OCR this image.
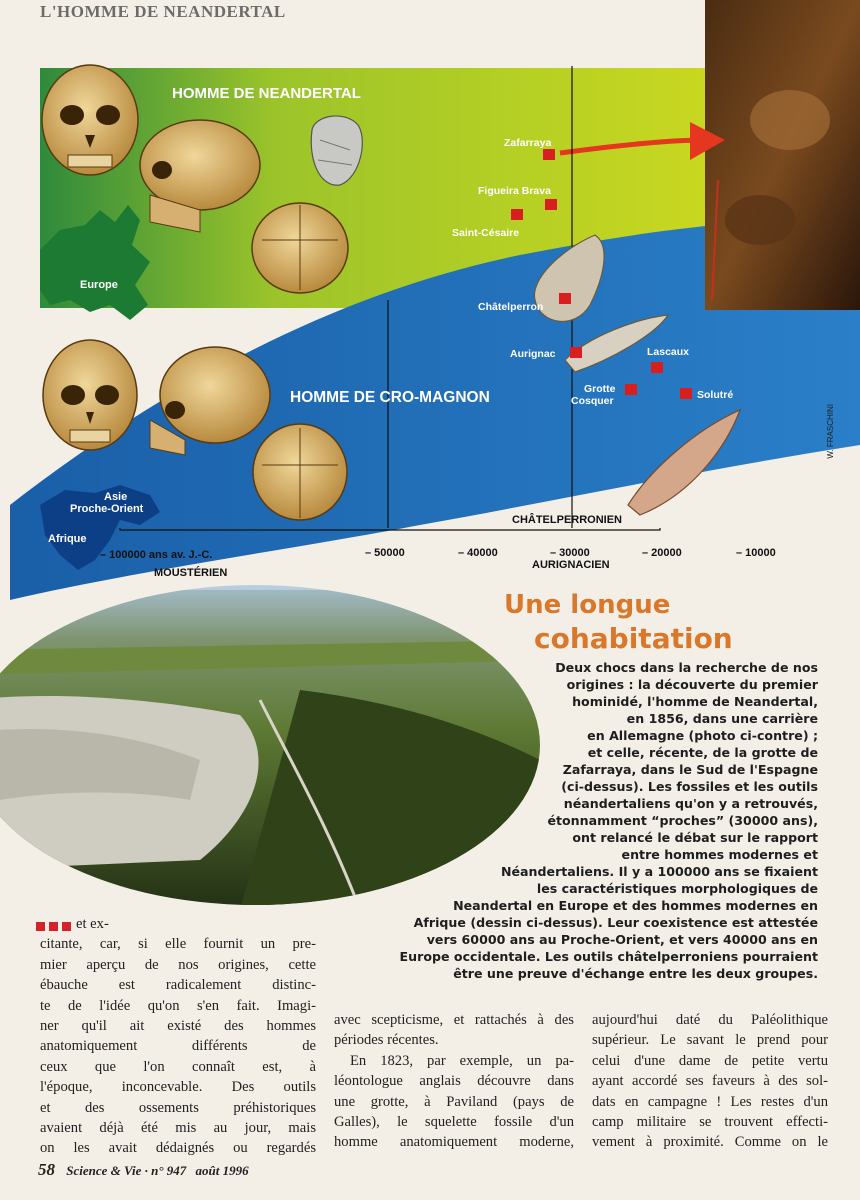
L'HOMME DE NEANDERTAL
HOMME DE NEANDERTAL
HOMME DE CRO-MAGNON
Europe
Asie
Proche-Orient
Afrique
Zafarraya
Figueira Brava
Saint-Césaire
Châtelperron
Aurignac	Lascaux
Grotte
Cosquer	Solutré
CHÂTELPERRONIEN
MOUSTÉRIEN
AURIGNACIEN
– 100000 ans av. J.-C.	– 50000	– 40000	– 30000	– 20000	– 10000
W. FRASCHINI
Une longue
cohabitation
Deux chocs dans la recherche de nos
origines : la découverte du premier
hominidé, l'homme de Neandertal,
en 1856, dans une carrière
en Allemagne (photo ci-contre) ;
et celle, récente, de la grotte de
Zafarraya, dans le Sud de l'Espagne
(ci-dessus). Les fossiles et les outils
néandertaliens qu'on y a retrouvés,
étonnamment “proches” (30000 ans),
ont relancé le débat sur le rapport
entre hommes modernes et
Néandertaliens. Il y a 100000 ans se fixaient
les caractéristiques morphologiques de
Neandertal en Europe et des hommes modernes en
Afrique (dessin ci-dessus). Leur coexistence est attestée
vers 60000 ans au Proche-Orient, et vers 40000 ans en
Europe occidentale. Les outils châtelperroniens pourraient
être une preuve d'échange entre les deux groupes.
et ex-
citante, car, si elle fournit un pre-
mier aperçu de nos origines, cette
ébauche est radicalement distinc-
te de l'idée qu'on s'en fait. Imagi-
ner qu'il ait existé des hommes
anatomiquement différents de
ceux que l'on connaît est, à
l'époque, inconcevable. Des outils
et des ossements préhistoriques
avaient déjà été mis au jour, mais
on les avait dédaignés ou regardés
avec scepticisme, et rattachés à des
périodes récentes.
En 1823, par exemple, un pa-
léontologue anglais découvre dans
une grotte, à Paviland (pays de
Galles), le squelette fossile d'un
homme anatomiquement moderne,
aujourd'hui daté du Paléolithique
supérieur. Le savant le prend pour
celui d'une dame de petite vertu
ayant accordé ses faveurs à des sol-
dats en campagne ! Les restes d'un
camp militaire se trouvent effecti-
vement à proximité. Comme on le
58 Science & Vie · n° 947 août 1996
